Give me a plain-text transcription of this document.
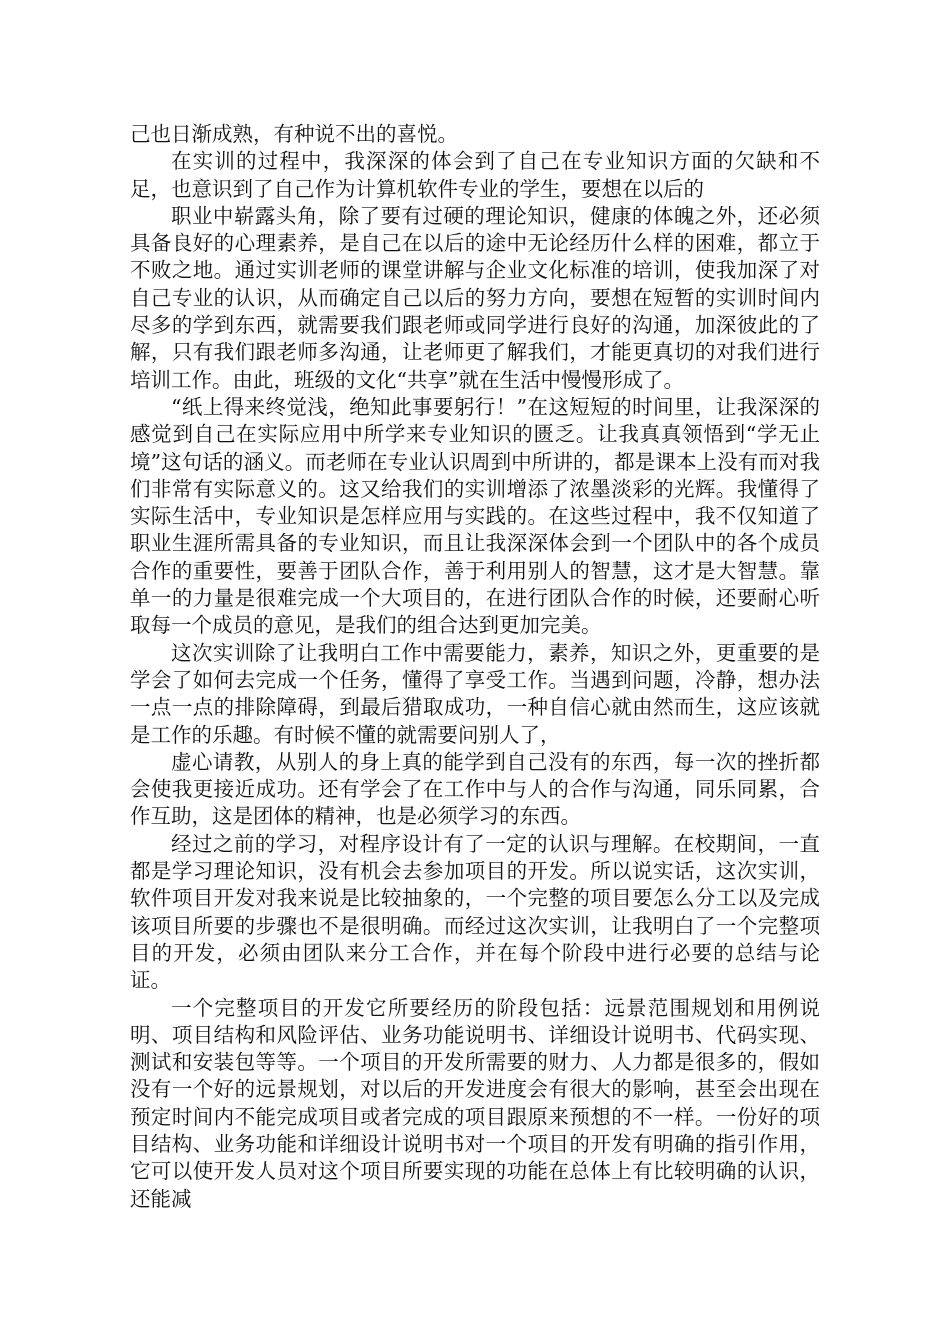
己也日渐成熟，有种说不出的喜悦。

在实训的过程中，我深深的体会到了自己在专业知识方面的欠缺和不足，也意识到了自己作为计算机软件专业的学生，要想在以后的

职业中崭露头角，除了要有过硬的理论知识，健康的体魄之外，还必须具备良好的心理素养，是自己在以后的途中无论经历什么样的困难，都立于不败之地。通过实训老师的课堂讲解与企业文化标准的培训，使我加深了对自己专业的认识，从而确定自己以后的努力方向，要想在短暂的实训时间内尽多的学到东西，就需要我们跟老师或同学进行良好的沟通，加深彼此的了解，只有我们跟老师多沟通，让老师更了解我们，才能更真切的对我们进行培训工作。由此，班级的文化“共享”就在生活中慢慢形成了。

“纸上得来终觉浅，绝知此事要躬行！”在这短短的时间里，让我深深的感觉到自己在实际应用中所学来专业知识的匮乏。让我真真领悟到“学无止境”这句话的涵义。而老师在专业认识周到中所讲的，都是课本上没有而对我们非常有实际意义的。这又给我们的实训增添了浓墨淡彩的光辉。我懂得了实际生活中，专业知识是怎样应用与实践的。在这些过程中，我不仅知道了职业生涯所需具备的专业知识，而且让我深深体会到一个团队中的各个成员合作的重要性，要善于团队合作，善于利用别人的智慧，这才是大智慧。靠单一的力量是很难完成一个大项目的，在进行团队合作的时候，还要耐心听取每一个成员的意见，是我们的组合达到更加完美。

这次实训除了让我明白工作中需要能力，素养，知识之外，更重要的是学会了如何去完成一个任务，懂得了享受工作。当遇到问题，冷静，想办法一点一点的排除障碍，到最后猎取成功，一种自信心就由然而生，这应该就是工作的乐趣。有时候不懂的就需要问别人了，

虚心请教，从别人的身上真的能学到自己没有的东西，每一次的挫折都会使我更接近成功。还有学会了在工作中与人的合作与沟通，同乐同累，合作互助，这是团体的精神，也是必须学习的东西。

经过之前的学习，对程序设计有了一定的认识与理解。在校期间，一直都是学习理论知识，没有机会去参加项目的开发。所以说实话，这次实训，软件项目开发对我来说是比较抽象的，一个完整的项目要怎么分工以及完成该项目所要的步骤也不是很明确。而经过这次实训，让我明白了一个完整项目的开发，必须由团队来分工合作，并在每个阶段中进行必要的总结与论证。

一个完整项目的开发它所要经历的阶段包括：远景范围规划和用例说明、项目结构和风险评估、业务功能说明书、详细设计说明书、代码实现、测试和安装包等等。一个项目的开发所需要的财力、人力都是很多的，假如没有一个好的远景规划，对以后的开发进度会有很大的影响，甚至会出现在预定时间内不能完成项目或者完成的项目跟原来预想的不一样。一份好的项目结构、业务功能和详细设计说明书对一个项目的开发有明确的指引作用，它可以使开发人员对这个项目所要实现的功能在总体上有比较明确的认识，还能减
